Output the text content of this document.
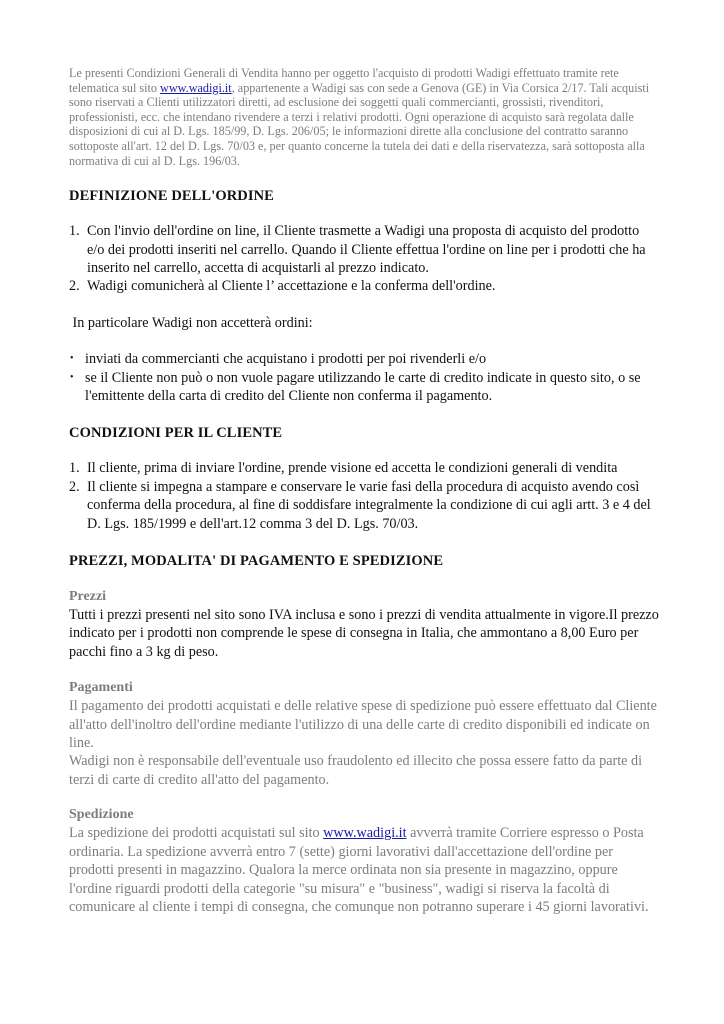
Le presenti Condizioni Generali di Vendita hanno per oggetto l'acquisto di prodotti Wadigi effettuato tramite rete telematica sul sito www.wadigi.it, appartenente a Wadigi sas con sede a Genova (GE) in Via Corsica 2/17. Tali acquisti sono riservati a Clienti utilizzatori diretti, ad esclusione dei soggetti quali commercianti, grossisti, rivenditori, professionisti, ecc. che intendano rivendere a terzi i relativi prodotti. Ogni operazione di acquisto sarà regolata dalle disposizioni di cui al D. Lgs. 185/99, D. Lgs. 206/05; le informazioni dirette alla conclusione del contratto saranno sottoposte all'art. 12 del D. Lgs. 70/03 e, per quanto concerne la tutela dei dati e della riservatezza, sarà sottoposta alla normativa di cui al D. Lgs. 196/03.

DEFINIZIONE DELL'ORDINE
1. Con l'invio dell'ordine on line, il Cliente trasmette a Wadigi una proposta di acquisto del prodotto e/o dei prodotti inseriti nel carrello. Quando il Cliente effettua l'ordine on line per i prodotti che ha inserito nel carrello, accetta di acquistarli al prezzo indicato.
2. Wadigi comunicherà al Cliente l’ accettazione e la conferma dell'ordine.

In particolare Wadigi non accetterà ordini:

• inviati da commercianti che acquistano i prodotti per poi rivenderli e/o
• se il Cliente non può o non vuole pagare utilizzando le carte di credito indicate in questo sito, o se l'emittente della carta di credito del Cliente non conferma il pagamento.
CONDIZIONI PER IL CLIENTE
1. Il cliente, prima di inviare l'ordine, prende visione ed accetta le condizioni generali di vendita
2. Il cliente si impegna a stampare e conservare le varie fasi della procedura di acquisto avendo così conferma della procedura, al fine di soddisfare integralmente la condizione di cui agli artt. 3 e 4 del D. Lgs. 185/1999 e dell'art.12 comma 3 del D. Lgs. 70/03.
PREZZI, MODALITA' DI PAGAMENTO E SPEDIZIONE

Prezzi

Tutti i prezzi presenti nel sito sono IVA inclusa e sono i prezzi di vendita attualmente in vigore.Il prezzo indicato per i prodotti non comprende le spese di consegna in Italia, che ammontano a 8,00 Euro per pacchi fino a 3 kg di peso.

Pagamenti

Il pagamento dei prodotti acquistati e delle relative spese di spedizione può essere effettuato dal Cliente all'atto dell'inoltro dell'ordine mediante l'utilizzo di una delle carte di credito disponibili ed indicate on line.

Wadigi non è responsabile dell'eventuale uso fraudolento ed illecito che possa essere fatto da parte di terzi di carte di credito all'atto del pagamento.

Spedizione

La spedizione dei prodotti acquistati sul sito www.wadigi.it avverrà tramite Corriere espresso o Posta ordinaria. La spedizione avverrà entro 7 (sette) giorni lavorativi dall'accettazione dell'ordine per prodotti presenti in magazzino. Qualora la merce ordinata non sia presente in magazzino, oppure l'ordine riguardi prodotti della categorie "su misura" e "business", wadigi si riserva la facoltà di comunicare al cliente i tempi di consegna, che comunque non potranno superare i 45 giorni lavorativi.
